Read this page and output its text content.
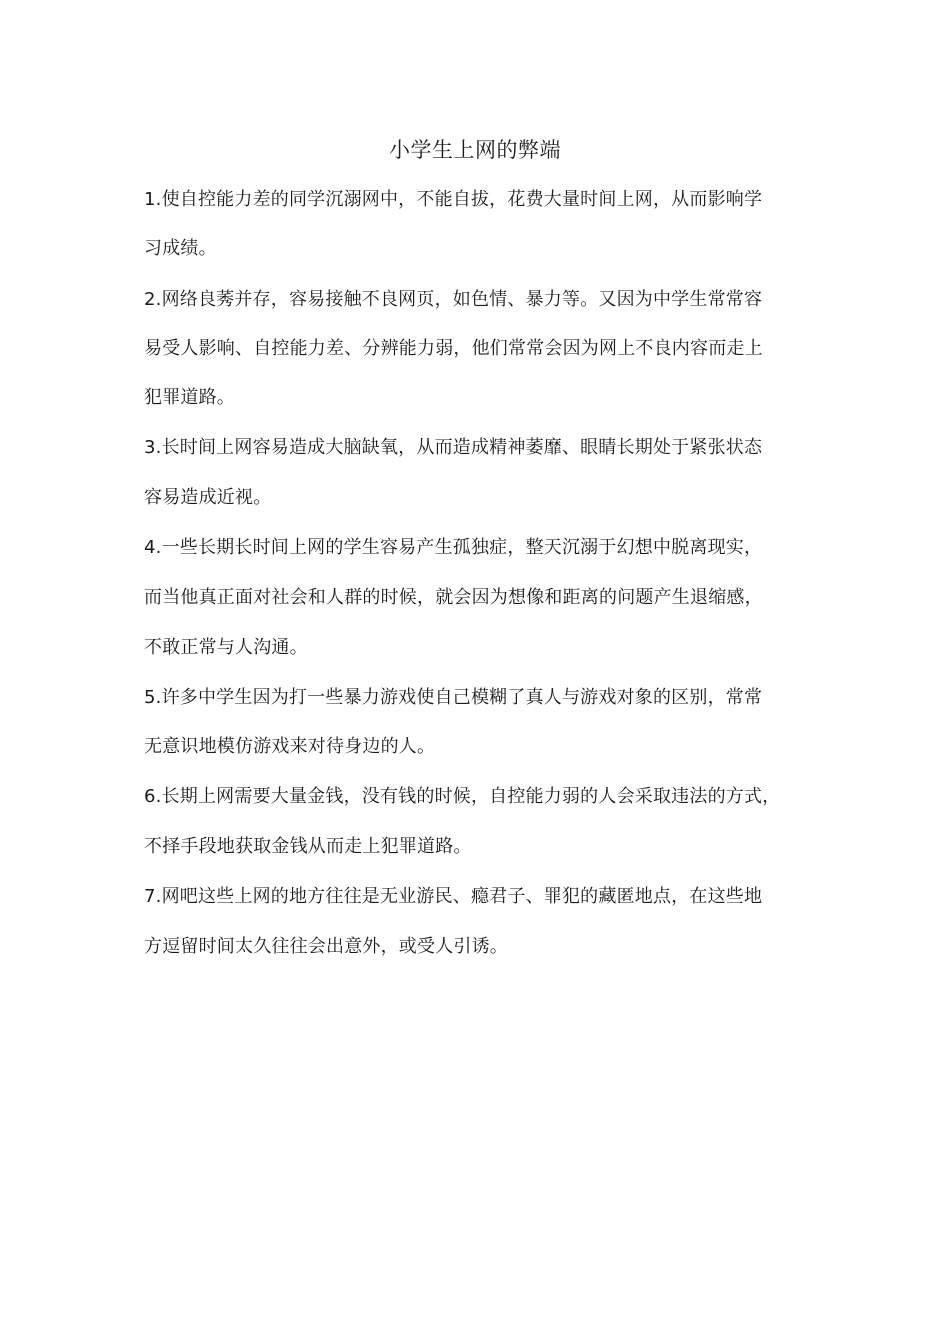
小学生上网的弊端
1.使自控能力差的同学沉溺网中，不能自拔，花费大量时间上网，从而影响学
习成绩。
2.网络良莠并存，容易接触不良网页，如色情、暴力等。又因为中学生常常容
易受人影响、自控能力差、分辨能力弱，他们常常会因为网上不良内容而走上
犯罪道路。
3.长时间上网容易造成大脑缺氧，从而造成精神萎靡、眼睛长期处于紧张状态
容易造成近视。
4.一些长期长时间上网的学生容易产生孤独症，整天沉溺于幻想中脱离现实，
而当他真正面对社会和人群的时候，就会因为想像和距离的问题产生退缩感，
不敢正常与人沟通。
5.许多中学生因为打一些暴力游戏使自己模糊了真人与游戏对象的区别，常常
无意识地模仿游戏来对待身边的人。
6.长期上网需要大量金钱，没有钱的时候，自控能力弱的人会采取违法的方式，
不择手段地获取金钱从而走上犯罪道路。
7.网吧这些上网的地方往往是无业游民、瘾君子、罪犯的藏匿地点，在这些地
方逗留时间太久往往会出意外，或受人引诱。
